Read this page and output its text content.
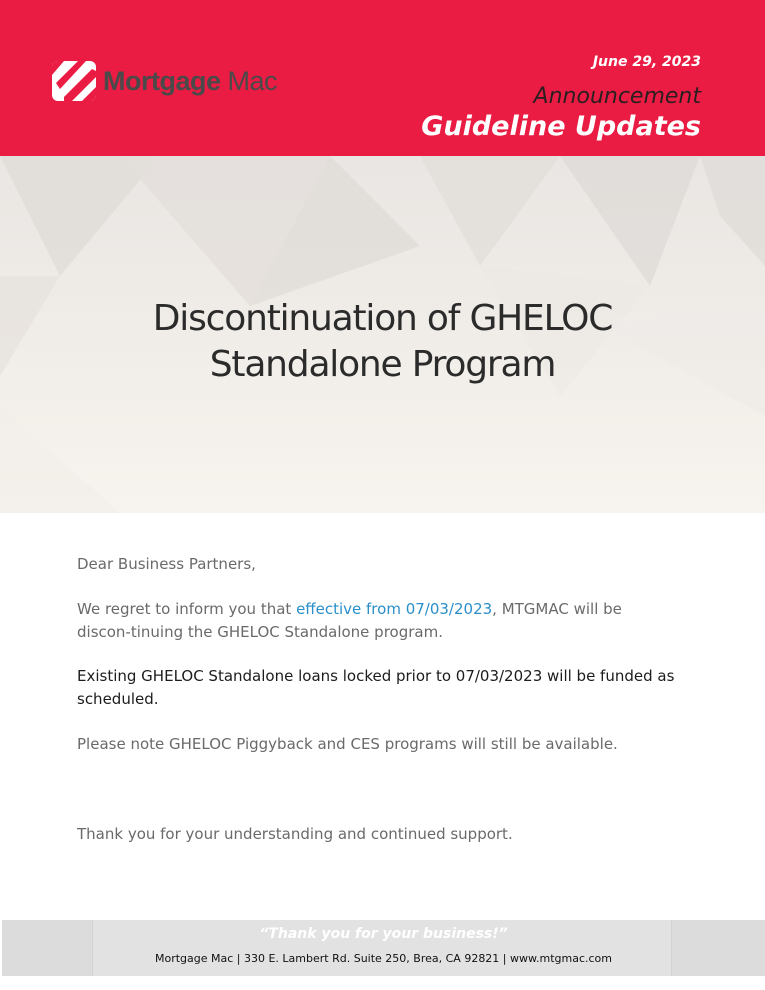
Mortgage Mac
June 29, 2023
Announcement
Guideline Updates
Discontinuation of GHELOC
Standalone Program

Dear Business Partners,

We regret to inform you that effective from 07/03/2023, MTGMAC will be discon-tinuing the GHELOC Standalone program.

Existing GHELOC Standalone loans locked prior to 07/03/2023 will be funded as scheduled.

Please note GHELOC Piggyback and CES programs will still be available.

Thank you for your understanding and continued support.

“Thank you for your business!”
Mortgage Mac | 330 E. Lambert Rd. Suite 250, Brea, CA 92821 | www.mtgmac.com
